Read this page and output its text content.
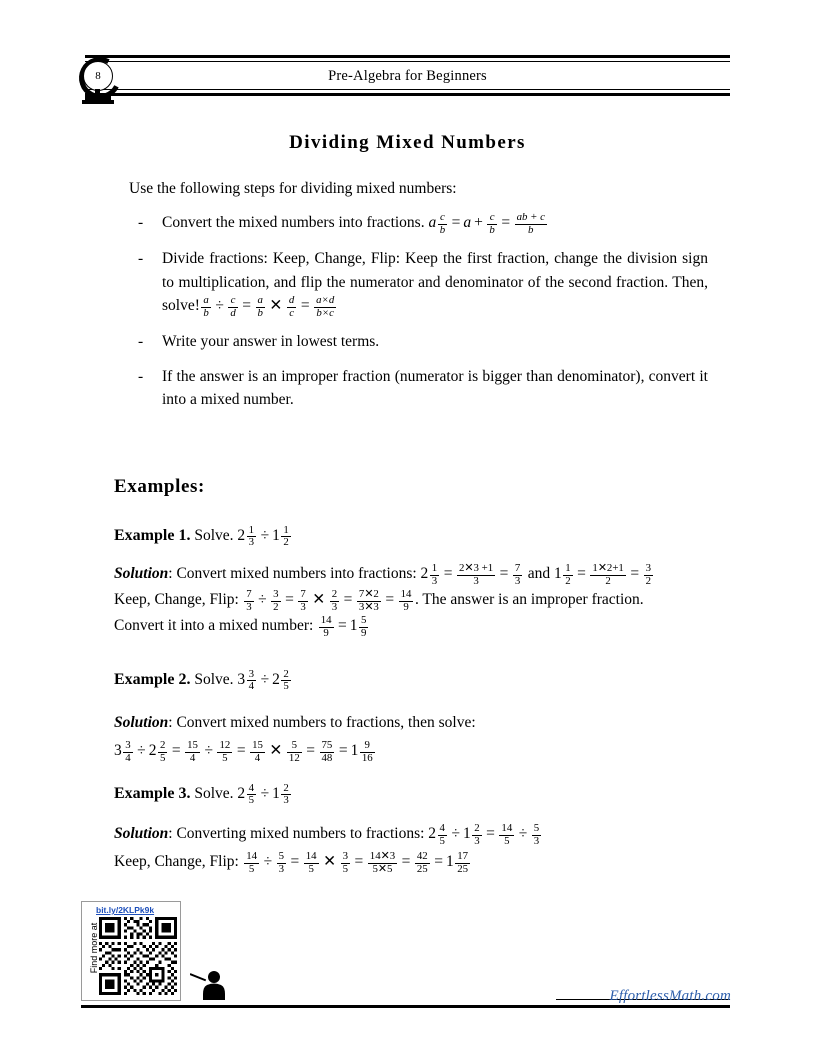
Pre-Algebra for Beginners
8
Dividing Mixed Numbers
Use the following steps for dividing mixed numbers:
- Convert the mixed numbers into fractions. a $\frac{c}{b} = a + \frac{c}{b} = \frac{ab + c}{b}$
- Divide fractions: Keep, Change, Flip: Keep the first fraction, change the division sign to multiplication, and flip the numerator and denominator of the second fraction. Then, solve! $\frac{a}{b} \div \frac{c}{d} = \frac{a}{b}$ ✕ $\frac{d}{c} = \frac{a\times d}{b\times c}$
- Write your answer in lowest terms.
- If the answer is an improper fraction (numerator is bigger than denominator), convert it into a mixed number.
Examples:
Example 1. Solve. $2 \frac{1}{3} \div 1 \frac{1}{2}$
Solution: Convert mixed numbers into fractions: $2 \frac{1}{3} = \frac{2✕3 +1}{3} = \frac{7}{3}$ and $1 \frac{1}{2} = \frac{1✕2+1}{2} = \frac{3}{2}$

Keep, Change, Flip: $\frac{7}{3} \div \frac{3}{2} = \frac{7}{3}$ ✕ $\frac{2}{3} = \frac{7✕2}{3✕3} = \frac{14}{9}$ . The answer is an improper fraction.
Convert it into a mixed number: $\frac{14}{9} = 1 \frac{5}{9}$
Example 2. Solve. $3 \frac{3}{4} \div 2 \frac{2}{5}$
Solution: Convert mixed numbers to fractions, then solve:
$3 \frac{3}{4} \div 2 \frac{2}{5} = \frac{15}{4} \div \frac{12}{5} = \frac{15}{4}$ ✕ $\frac{5}{12} = \frac{75}{48} = 1 \frac{9}{16}$
Example 3. Solve. $2 \frac{4}{5} \div 1 \frac{2}{3}$
Solution: Converting mixed numbers to fractions: $2 \frac{4}{5} \div 1 \frac{2}{3} = \frac{14}{5} \div \frac{5}{3}$

Keep, Change, Flip: $\frac{14}{5} \div \frac{5}{3} = \frac{14}{5}$ ✕ $\frac{3}{5} = \frac{14✕3}{5✕5} = \frac{42}{25} = 1 \frac{17}{25}$
bit.ly/2KLPk9k
Find more at
EffortlessMath.com
